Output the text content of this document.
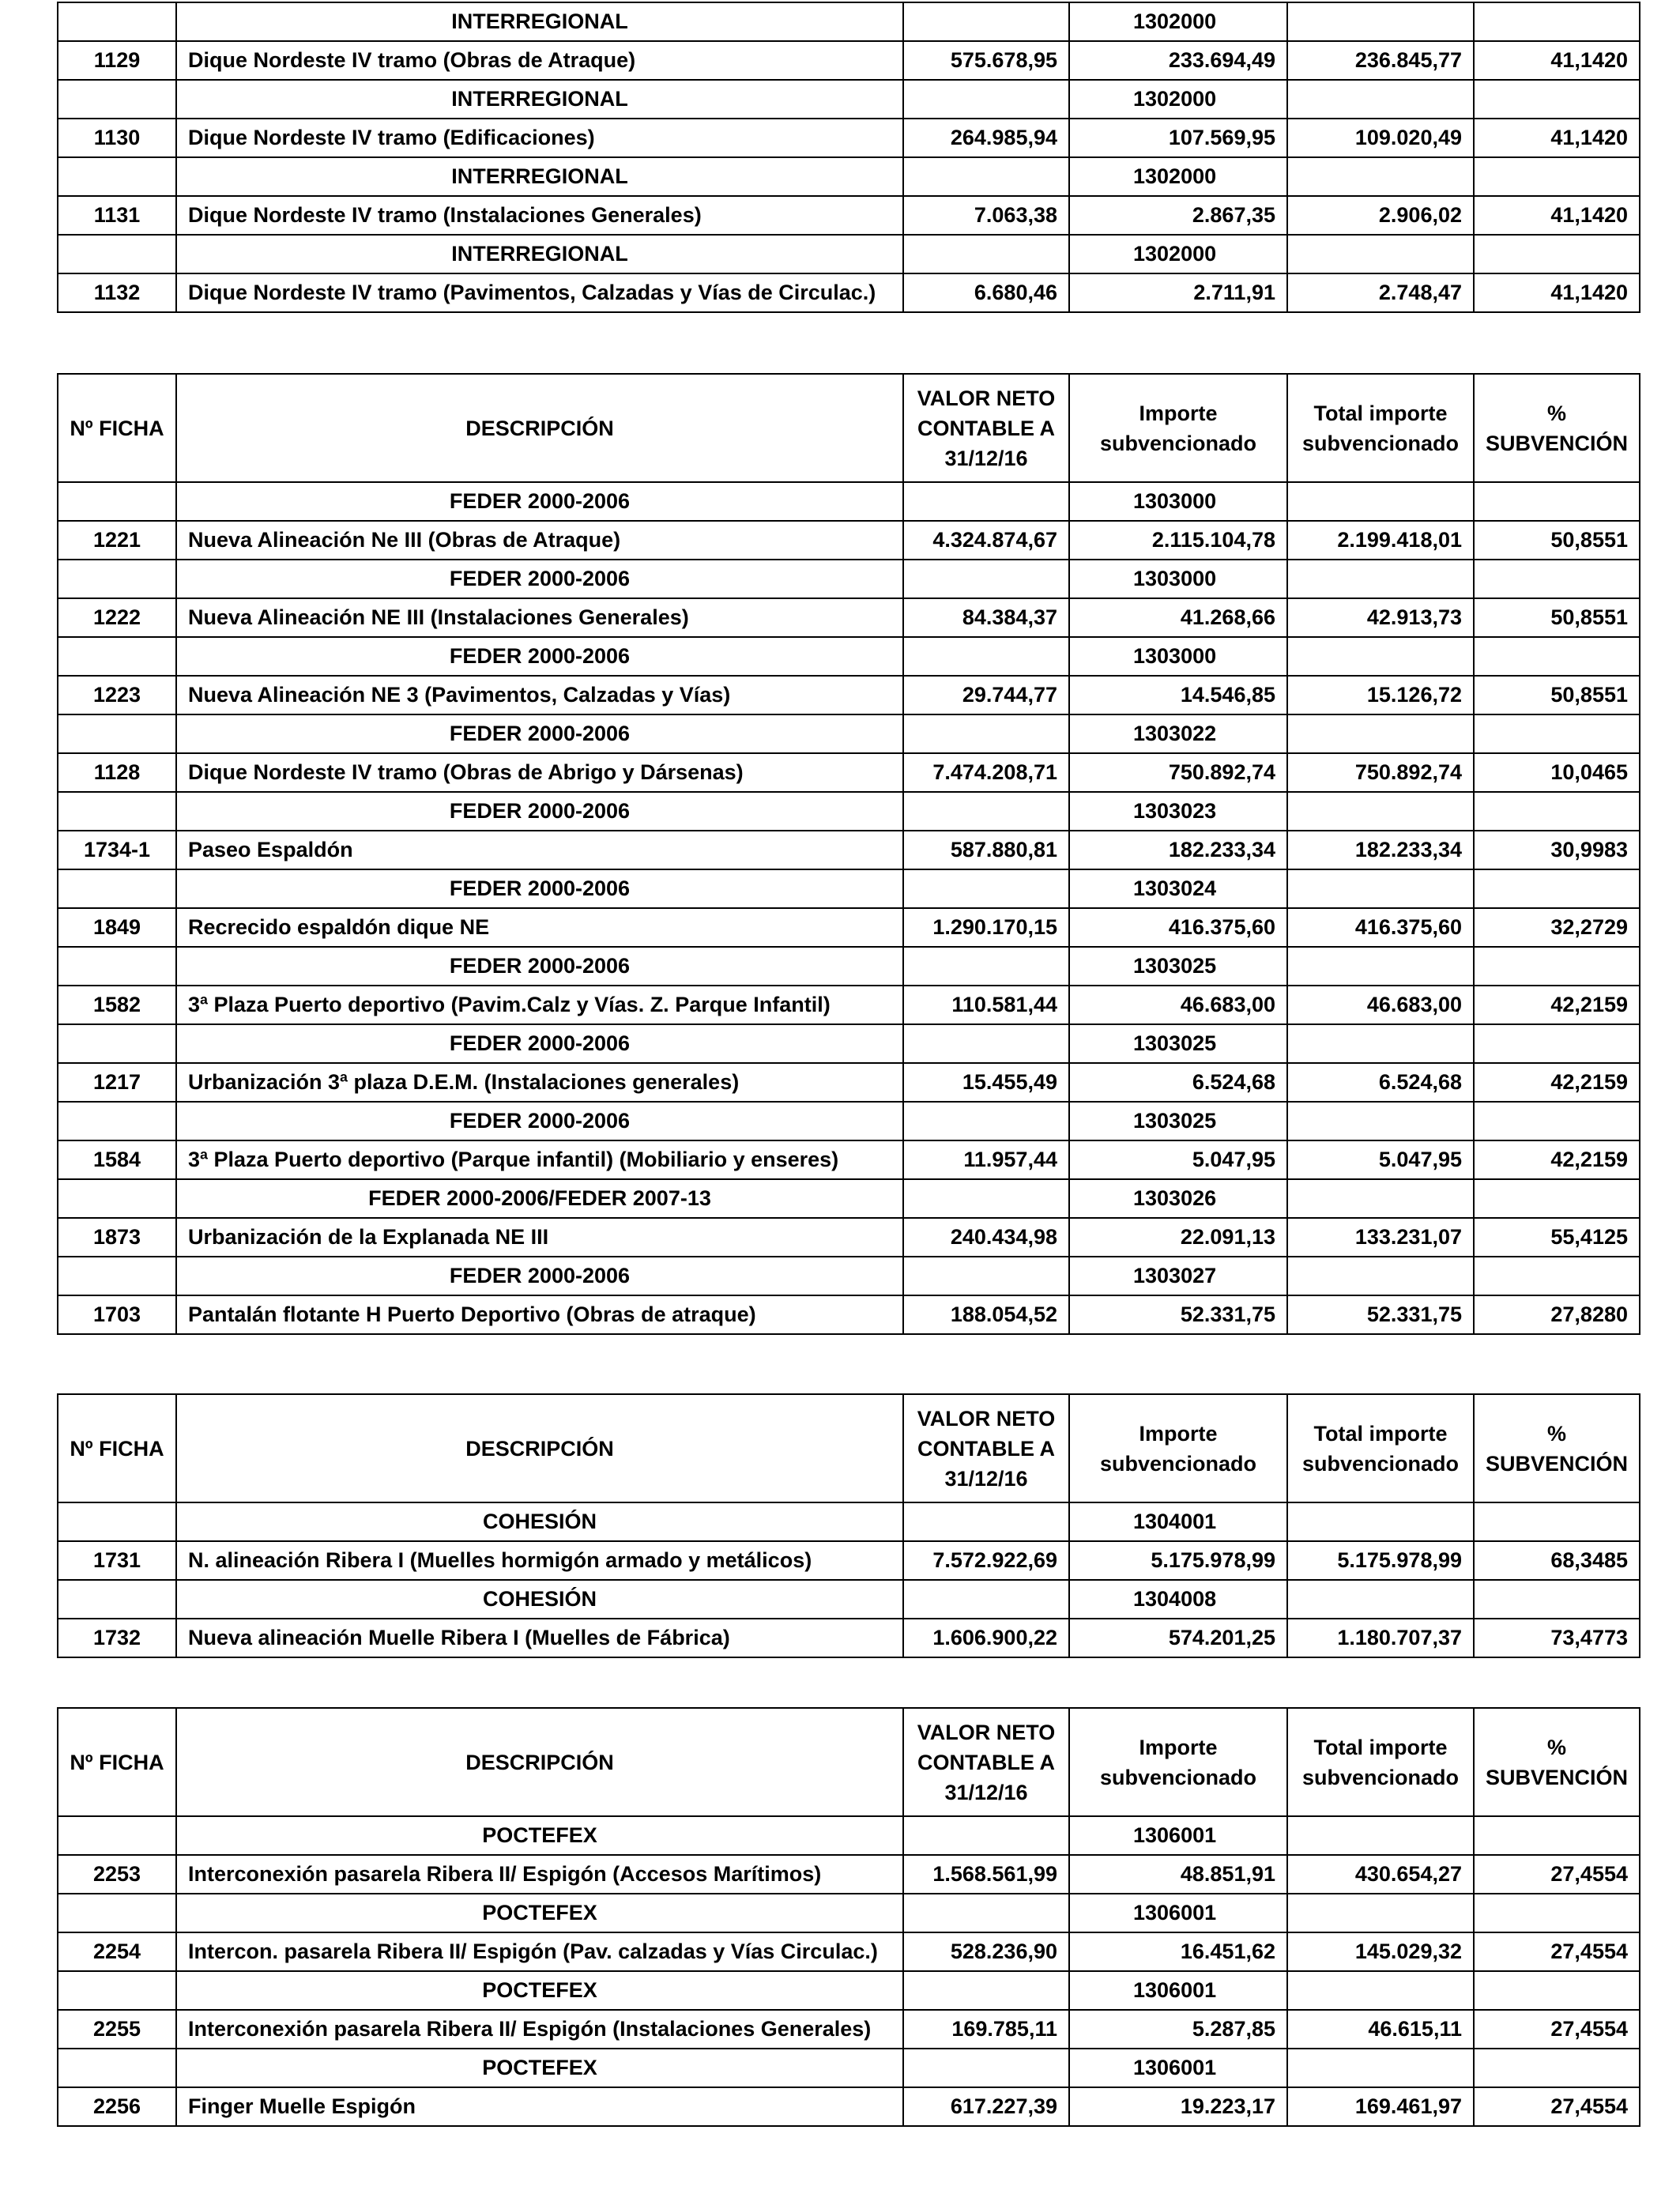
	INTERREGIONAL		1302000		
1129	Dique Nordeste IV tramo (Obras de Atraque)	575.678,95	233.694,49	236.845,77	41,1420
	INTERREGIONAL		1302000		
1130	Dique Nordeste IV tramo (Edificaciones)	264.985,94	107.569,95	109.020,49	41,1420
	INTERREGIONAL		1302000		
1131	Dique Nordeste IV tramo (Instalaciones Generales)	7.063,38	2.867,35	2.906,02	41,1420
	INTERREGIONAL		1302000		
1132	Dique Nordeste IV tramo (Pavimentos, Calzadas y Vías de Circulac.)	6.680,46	2.711,91	2.748,47	41,1420
Nº FICHA	DESCRIPCIÓN	VALOR NETO CONTABLE A 31/12/16	Importe subvencionado	Total importe subvencionado	% SUBVENCIÓN
	FEDER 2000-2006		1303000		
1221	Nueva Alineación Ne III (Obras de Atraque)	4.324.874,67	2.115.104,78	2.199.418,01	50,8551
	FEDER 2000-2006		1303000		
1222	Nueva Alineación NE III (Instalaciones Generales)	84.384,37	41.268,66	42.913,73	50,8551
	FEDER 2000-2006		1303000		
1223	Nueva Alineación NE 3 (Pavimentos, Calzadas y Vías)	29.744,77	14.546,85	15.126,72	50,8551
	FEDER 2000-2006		1303022		
1128	Dique Nordeste IV tramo (Obras de Abrigo y Dársenas)	7.474.208,71	750.892,74	750.892,74	10,0465
	FEDER 2000-2006		1303023		
1734-1	Paseo Espaldón	587.880,81	182.233,34	182.233,34	30,9983
	FEDER 2000-2006		1303024		
1849	Recrecido espaldón dique NE	1.290.170,15	416.375,60	416.375,60	32,2729
	FEDER 2000-2006		1303025		
1582	3ª Plaza Puerto deportivo (Pavim.Calz y Vías. Z. Parque Infantil)	110.581,44	46.683,00	46.683,00	42,2159
	FEDER 2000-2006		1303025		
1217	Urbanización 3ª plaza D.E.M. (Instalaciones generales)	15.455,49	6.524,68	6.524,68	42,2159
	FEDER 2000-2006		1303025		
1584	3ª Plaza Puerto deportivo (Parque infantil) (Mobiliario y enseres)	11.957,44	5.047,95	5.047,95	42,2159
	FEDER 2000-2006/FEDER 2007-13		1303026		
1873	Urbanización de la Explanada NE III	240.434,98	22.091,13	133.231,07	55,4125
	FEDER 2000-2006		1303027		
1703	Pantalán flotante H Puerto Deportivo (Obras de atraque)	188.054,52	52.331,75	52.331,75	27,8280
Nº FICHA	DESCRIPCIÓN	VALOR NETO CONTABLE A 31/12/16	Importe subvencionado	Total importe subvencionado	% SUBVENCIÓN
	COHESIÓN		1304001		
1731	N. alineación Ribera I (Muelles hormigón armado y metálicos)	7.572.922,69	5.175.978,99	5.175.978,99	68,3485
	COHESIÓN		1304008		
1732	Nueva alineación Muelle Ribera I (Muelles de Fábrica)	1.606.900,22	574.201,25	1.180.707,37	73,4773
Nº FICHA	DESCRIPCIÓN	VALOR NETO CONTABLE A 31/12/16	Importe subvencionado	Total importe subvencionado	% SUBVENCIÓN
	POCTEFEX		1306001		
2253	Interconexión pasarela Ribera II/ Espigón (Accesos Marítimos)	1.568.561,99	48.851,91	430.654,27	27,4554
	POCTEFEX		1306001		
2254	Intercon. pasarela Ribera II/ Espigón (Pav. calzadas y Vías Circulac.)	528.236,90	16.451,62	145.029,32	27,4554
	POCTEFEX		1306001		
2255	Interconexión pasarela Ribera II/ Espigón (Instalaciones Generales)	169.785,11	5.287,85	46.615,11	27,4554
	POCTEFEX		1306001		
2256	Finger Muelle Espigón	617.227,39	19.223,17	169.461,97	27,4554
